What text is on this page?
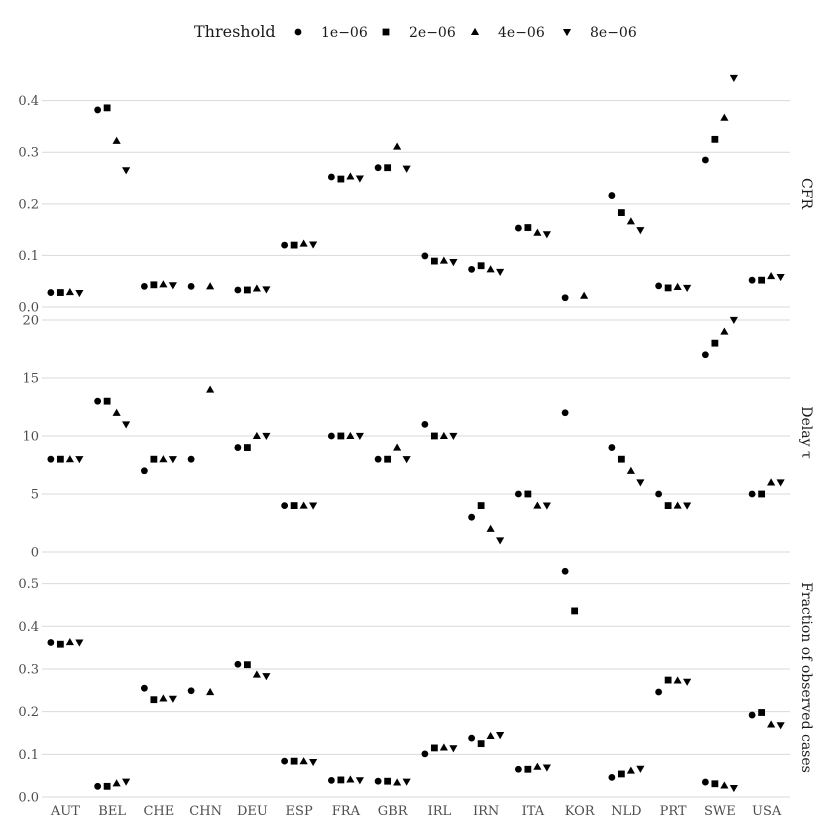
Threshold	1e−06	2e−06	4e−06	8e−06
0.0
0.1
0.2
0.3
0.4
CFR
0
5
10
15
20
Delay τ
0.0
0.1
0.2
0.3
0.4
0.5	Fraction of observed cases
AUT BEL CHE CHN DEU ESP FRA GBR IRL IRN ITA KOR NLD PRT SWE USA
